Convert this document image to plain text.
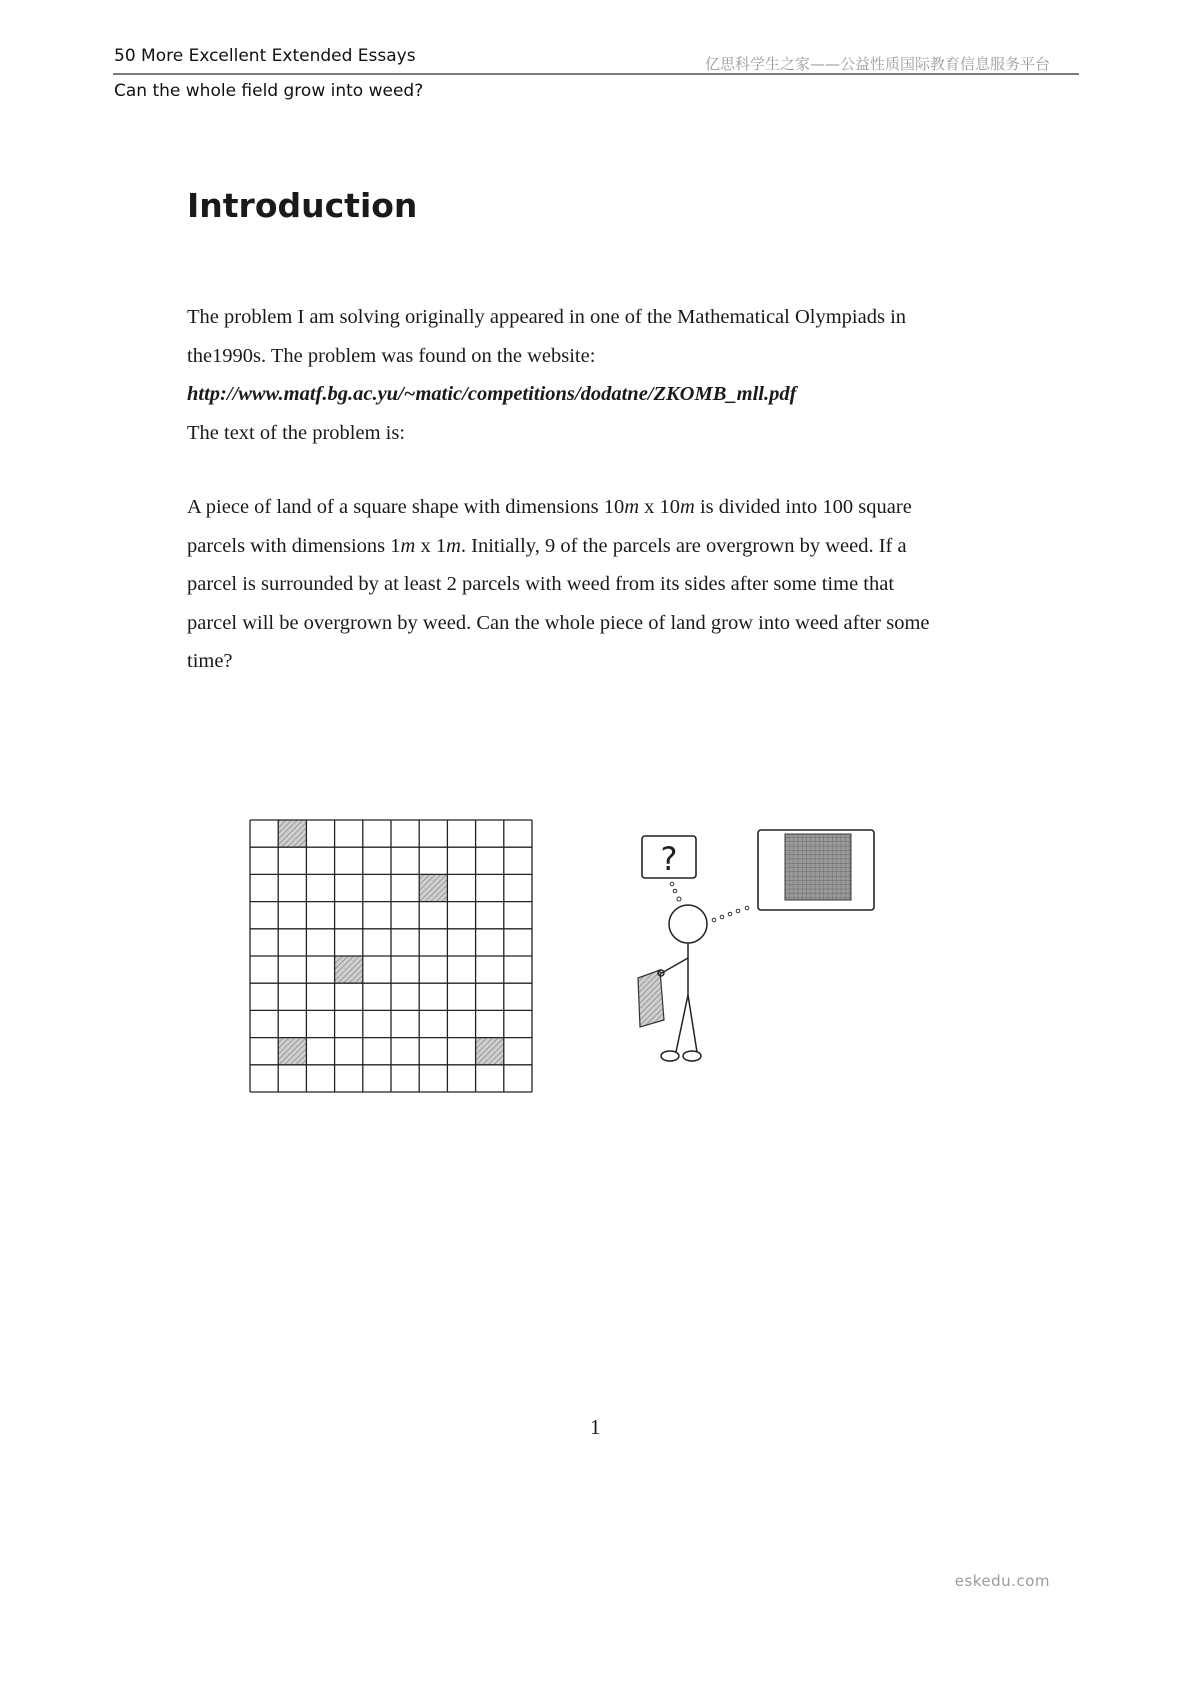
50 More Excellent Extended Essays	亿思科学生之家——公益性质国际教育信息服务平台
Can the whole field grow into weed?
Introduction
The problem I am solving originally appeared in one of the Mathematical Olympiads in
the1990s. The problem was found on the website:
http://www.matf.bg.ac.yu/~matic/competitions/dodatne/ZKOMB_mll.pdf
The text of the problem is:
A piece of land of a square shape with dimensions 10m x 10m is divided into 100 square
parcels with dimensions 1m x 1m. Initially, 9 of the parcels are overgrown by weed. If a
parcel is surrounded by at least 2 parcels with weed from its sides after some time that
parcel will be overgrown by weed. Can the whole piece of land grow into weed after some
time?
?
1
eskedu.com
